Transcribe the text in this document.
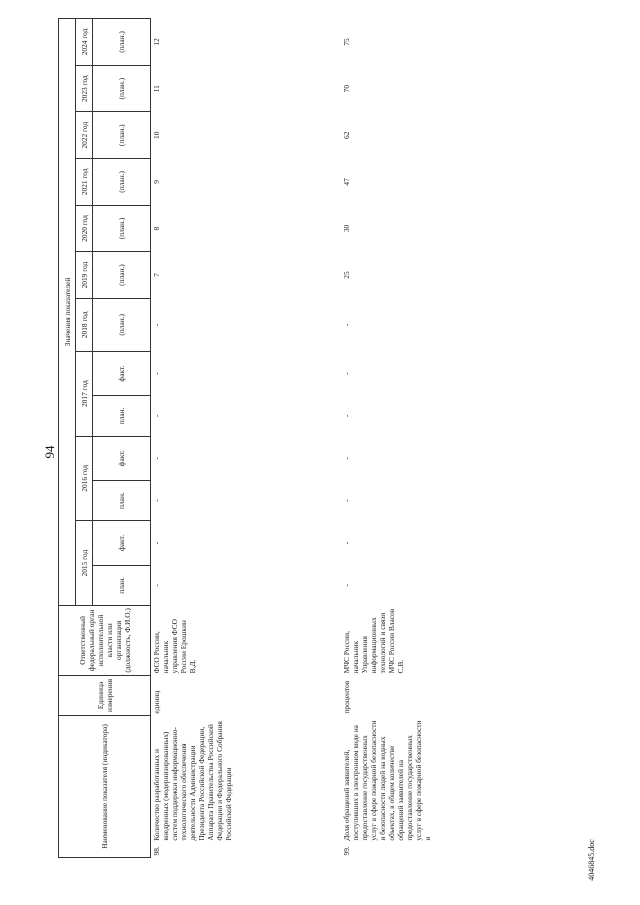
94
4046845.doc
Наименование показателя (индикатора)		Единица измерения	Ответственный федеральный орган исполнительной власти или организация (должность, Ф.И.О.)	Значения показателей												
				2015 год		2016 год		2017 год		2018 год	2019 год	2020 год	2021 год	2022 год	2023 год	2024 год
				план.	факт.	план.	факт.	план.	факт.	(план.)	(план.)	(план.)	(план.)	(план.)	(план.)	(план.)
98.	Количество разработанных и внедренных (модернизированных) систем поддержки информационно-технологического обеспечения деятельности Администрации Президента Российской Федерации, Аппарата Правительства Российской Федерации и Федерального Собрания Российской Федерации	единиц	ФСО России, начальник управления ФСО России Ерошкин В.Д.	-	-	-	-	-	-	-	7	8	9	10	11	12
99.	Доля обращений заявителей, поступивших в электронном виде на предоставление государственных услуг в сфере пожарной безопасности и безопасности людей на водных объектах, в общем количестве обращений заявителей на предоставление государственных услуг в сфере пожарной безопасности и	процентов	МЧС России, начальник Управления информационных технологий и связи МЧС России Власов С.В.	-	-	-	-	-	-	-	25	30	47	62	70	75
